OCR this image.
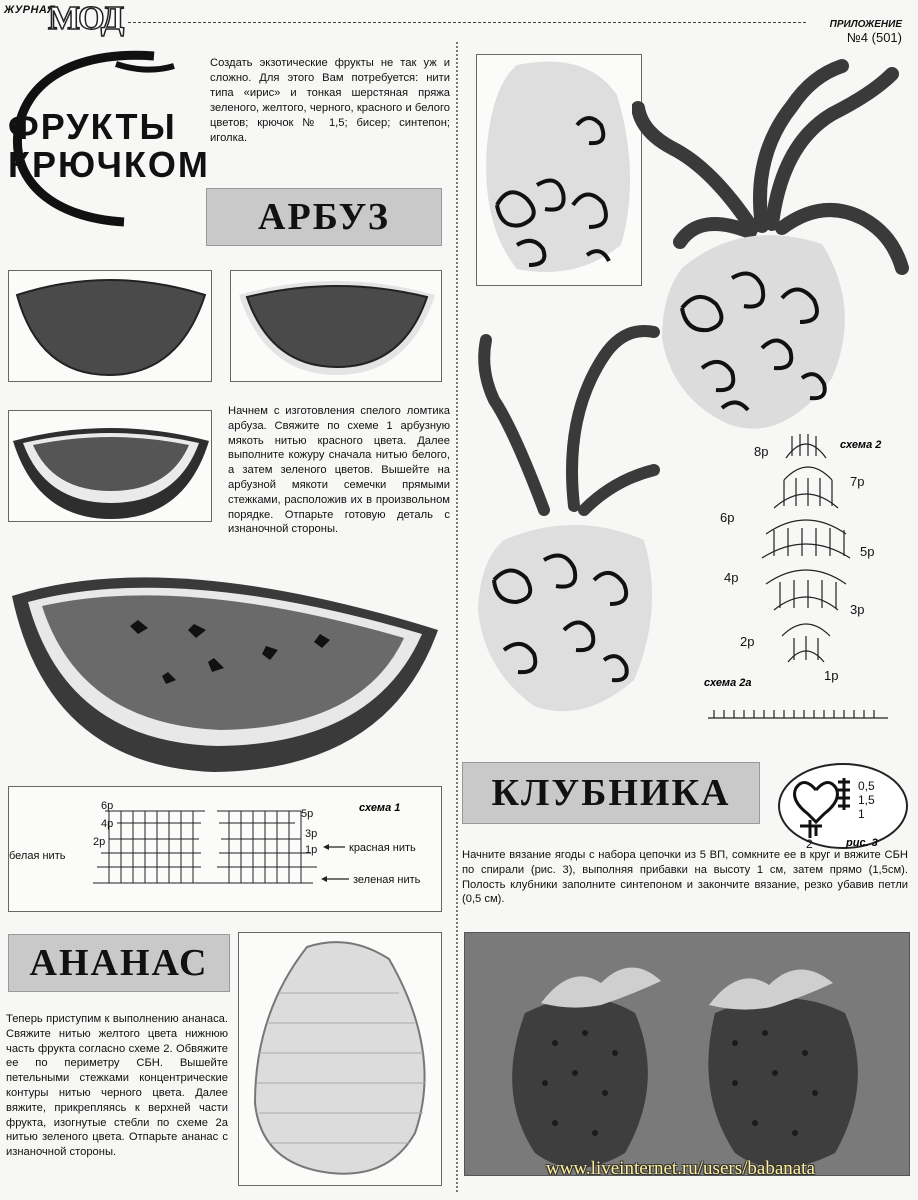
ЖУРНАЛ
МОД	ПРИЛОЖЕНИЕ
№4 (501)
ФРУКТЫ
КРЮЧКОМ
Создать экзотические фрукты не так уж и сложно. Для этого Вам потребуется: нити типа «ирис» и тонкая шерстяная пряжа зеленого, желтого, черного, красного и белого цветов; крючок № 1,5; бисер; синтепон; иголка.
АРБУЗ
Начнем с изготовления спелого ломтика арбуза. Свяжите по схеме 1 арбузную мякоть нитью красного цвета. Далее выполните кожуру сначала нитью белого, а затем зеленого цветов. Вышейте на арбузной мякоти семечки прямыми стежками, расположив их в произвольном порядке. Отпарьте готовую деталь с изнаночной стороны.
6р
4р
2р
5р
3р
1р
белая нить
красная нить
зеленая нить
схема 1
АНАНАС
Теперь приступим к выполнению ананаса. Свяжите нитью желтого цвета нижнюю часть фрукта согласно схеме 2. Обвяжите ее по периметру СБН. Вышейте петельными стежками концентрические контуры нитью черного цвета. Далее вяжите, прикрепляясь к верхней части фрукта, изогнутые стебли по схеме 2а нитью зеленого цвета. Отпарьте ананас с изнаночной стороны.
8р
6р
4р
2р
7р
5р
3р
1р
схема 2
схема 2а
КЛУБНИКА	0,5
1,5
1
2	рис. 3
Начните вязание ягоды с набора цепочки из 5 ВП, сомкните ее в круг и вяжите СБН по спирали (рис. 3), выполняя прибавки на высоту 1 см, затем прямо (1,5см). Полость клубники заполните синтепоном и закончите вязание, резко убавив петли (0,5 см).
www.liveinternet.ru/users/babanata
